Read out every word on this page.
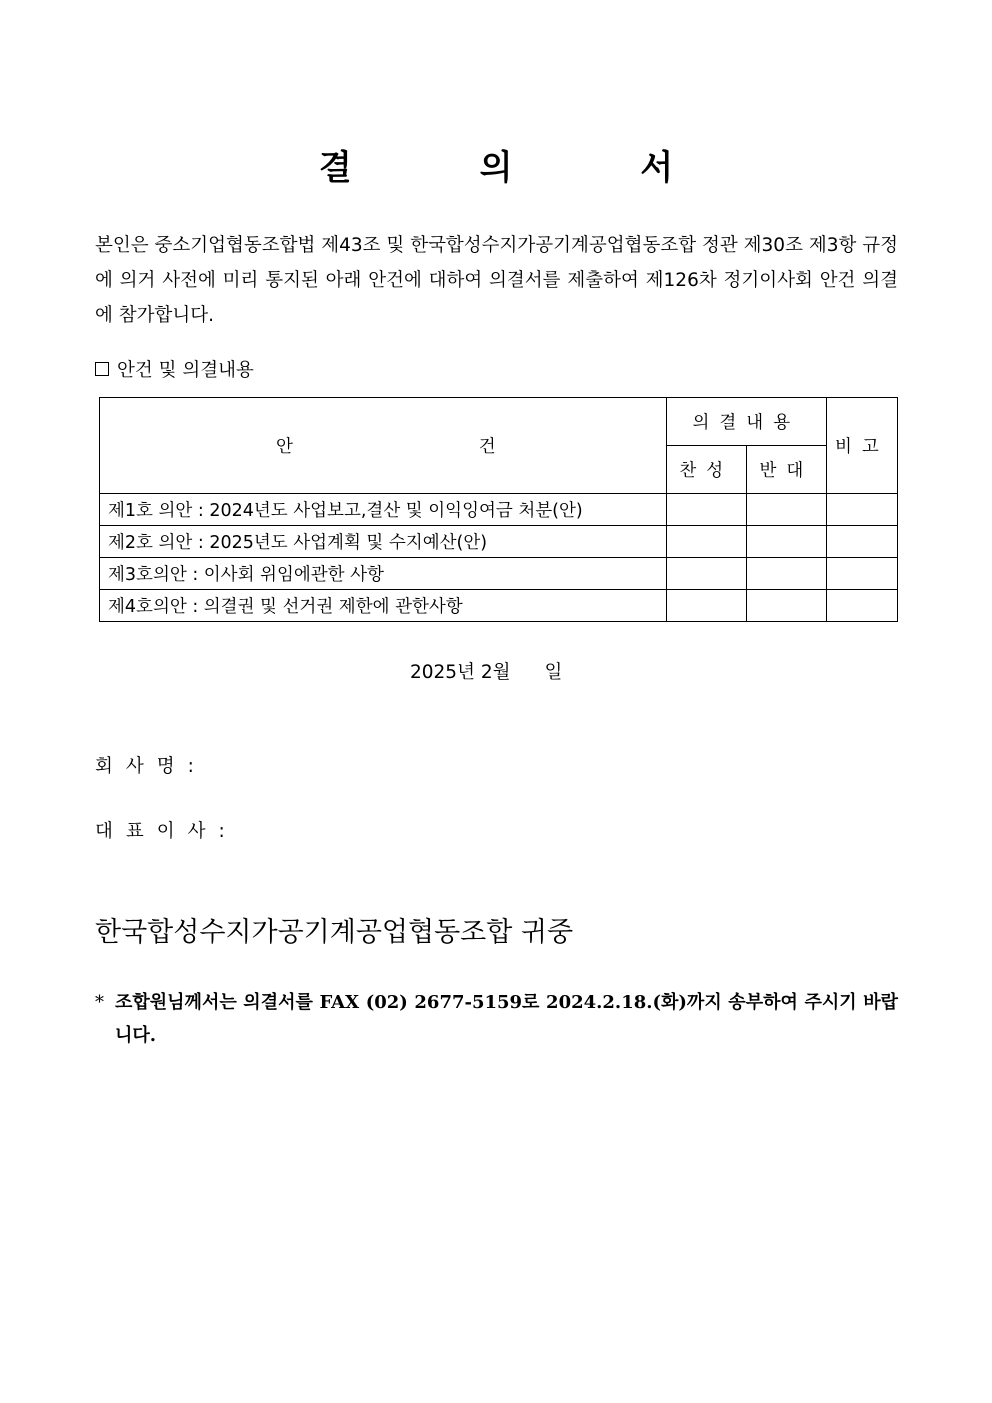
결 의 서
본인은 중소기업협동조합법 제43조 및 한국합성수지가공기계공업협동조합 정관 제30조 제3항 규정에 의거 사전에 미리 통지된 아래 안건에 대하여 의결서를 제출하여 제126차 정기이사회 안건 의결에 참가합니다.
안건 및 의결내용
안 건	의결내용		비고
	찬성	반대	
제1호 의안 : 2024년도 사업보고,결산 및 이익잉여금 처분(안)			
제2호 의안 : 2025년도 사업계획 및 수지예산(안)			
제3호의안 : 이사회 위임에관한 사항			
제4호의안 : 의결권 및 선거권 제한에 관한사항			
2025년 2월 일
회사명:
대표이사:
한국합성수지가공기계공업협동조합 귀중
* 조합원님께서는 의결서를 FAX (02) 2677-5159로 2024.2.18.(화)까지 송부하여 주시기 바랍니다.
